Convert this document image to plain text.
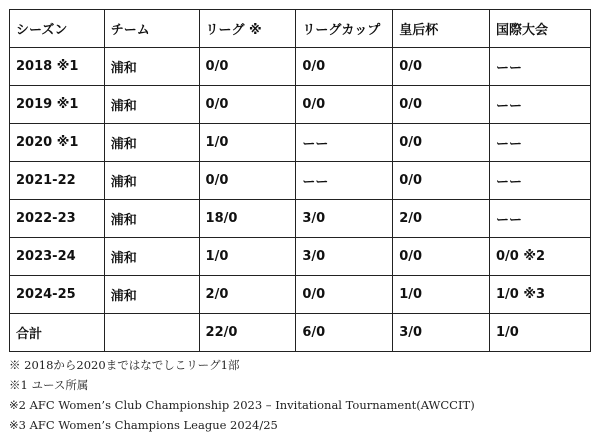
シーズン	チーム	リーグ ※	リーグカップ	皇后杯	国際大会
2018 ※1	浦和	0/0	0/0	0/0	ーー
2019 ※1	浦和	0/0	0/0	0/0	ーー
2020 ※1	浦和	1/0	ーー	0/0	ーー
2021-22	浦和	0/0	ーー	0/0	ーー
2022-23	浦和	18/0	3/0	2/0	ーー
2023-24	浦和	1/0	3/0	0/0	0/0 ※2
2024-25	浦和	2/0	0/0	1/0	1/0 ※3
合計		22/0	6/0	3/0	1/0
※ 2018から2020まではなでしこリーグ1部
※1 ユース所属
※2 AFC Women’s Club Championship 2023 – Invitational Tournament(AWCCIT)
※3 AFC Women’s Champions League 2024/25
